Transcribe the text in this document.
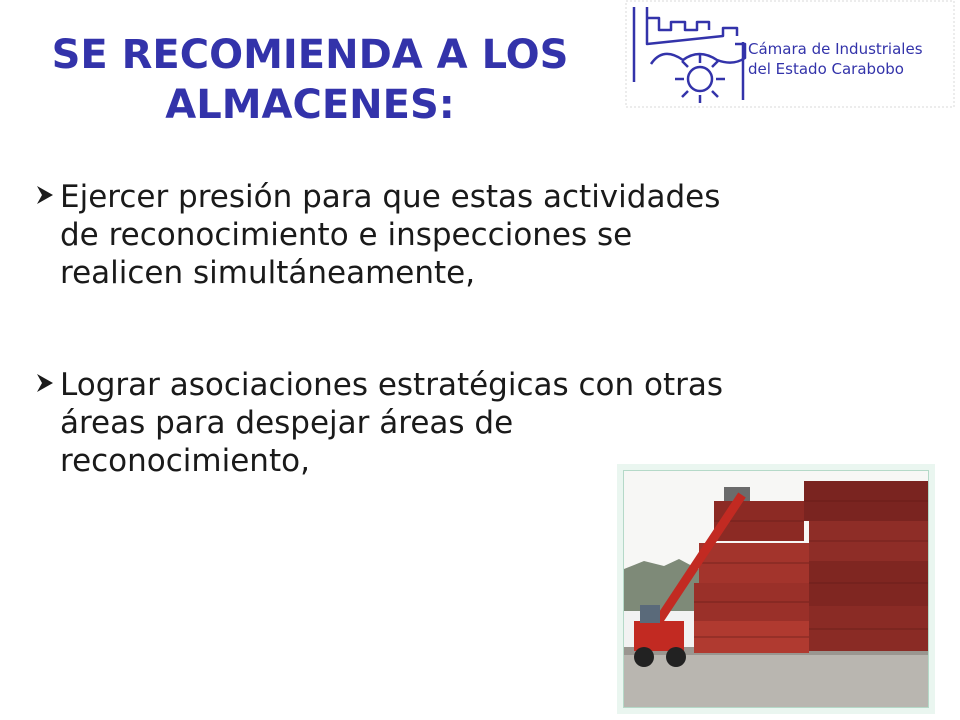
SE RECOMIENDA A LOS
ALMACENES:
Cámara de Industriales
del Estado Carabobo
Ejercer presión para que estas actividades
de reconocimiento e inspecciones se
realicen simultáneamente,
Lograr asociaciones estratégicas con otras
áreas para despejar áreas de
reconocimiento,
